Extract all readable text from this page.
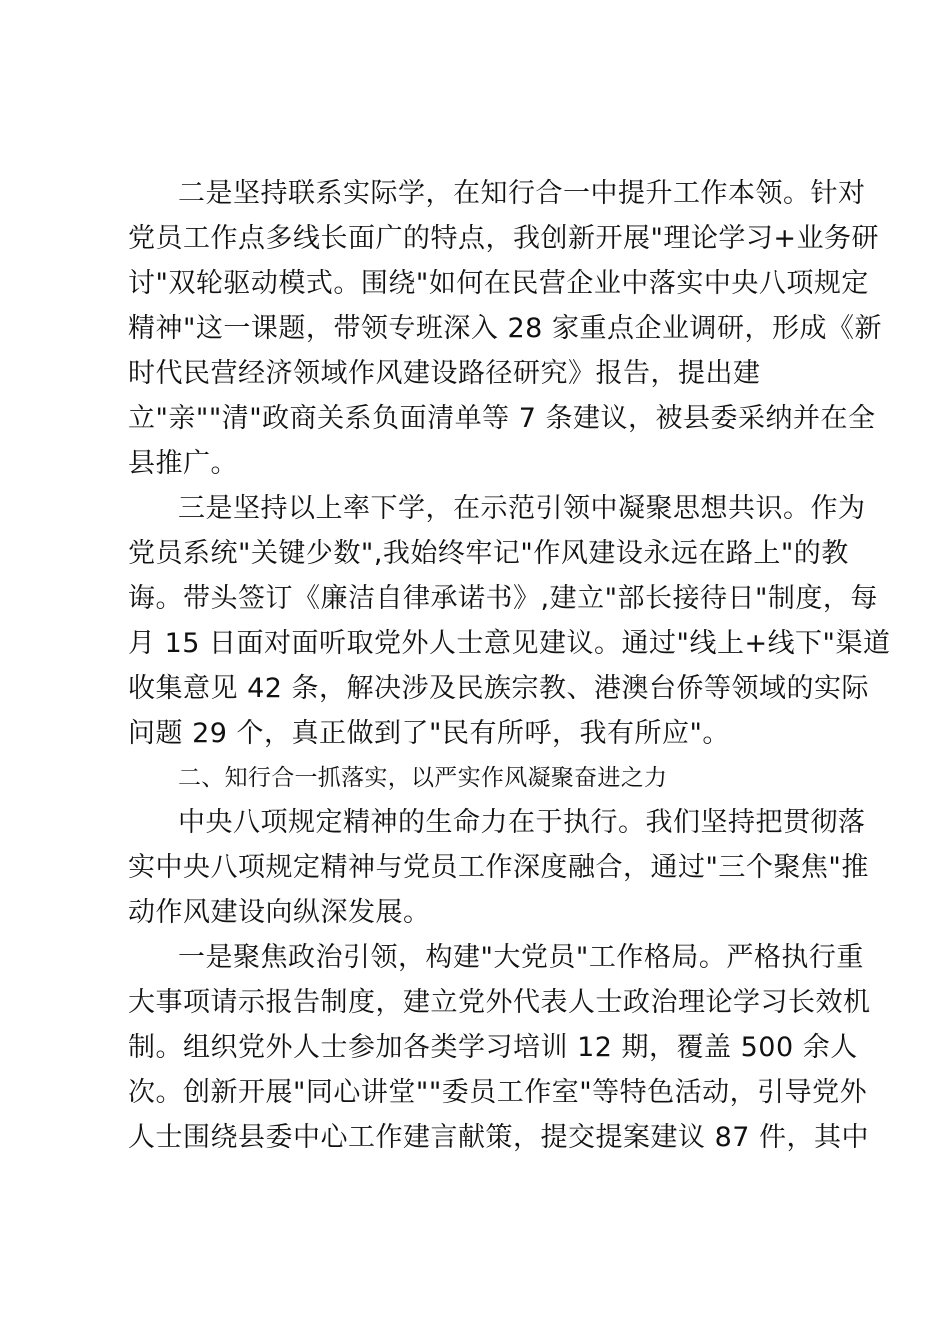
二是坚持联系实际学，在知行合一中提升工作本领。针对
党员工作点多线长面广的特点，我创新开展"理论学习+业务研
讨"双轮驱动模式。围绕"如何在民营企业中落实中央八项规定
精神"这一课题，带领专班深入 28 家重点企业调研，形成《新
时代民营经济领域作风建设路径研究》报告，提出建
立"亲""清"政商关系负面清单等 7 条建议，被县委采纳并在全
县推广。
三是坚持以上率下学，在示范引领中凝聚思想共识。作为
党员系统"关键少数",我始终牢记"作风建设永远在路上"的教
诲。带头签订《廉洁自律承诺书》,建立"部长接待日"制度，每
月 15 日面对面听取党外人士意见建议。通过"线上+线下"渠道
收集意见 42 条，解决涉及民族宗教、港澳台侨等领域的实际
问题 29 个，真正做到了"民有所呼，我有所应"。
二、知行合一抓落实，以严实作风凝聚奋进之力
中央八项规定精神的生命力在于执行。我们坚持把贯彻落
实中央八项规定精神与党员工作深度融合，通过"三个聚焦"推
动作风建设向纵深发展。
一是聚焦政治引领，构建"大党员"工作格局。严格执行重
大事项请示报告制度，建立党外代表人士政治理论学习长效机
制。组织党外人士参加各类学习培训 12 期，覆盖 500 余人
次。创新开展"同心讲堂""委员工作室"等特色活动，引导党外
人士围绕县委中心工作建言献策，提交提案建议 87 件，其中
